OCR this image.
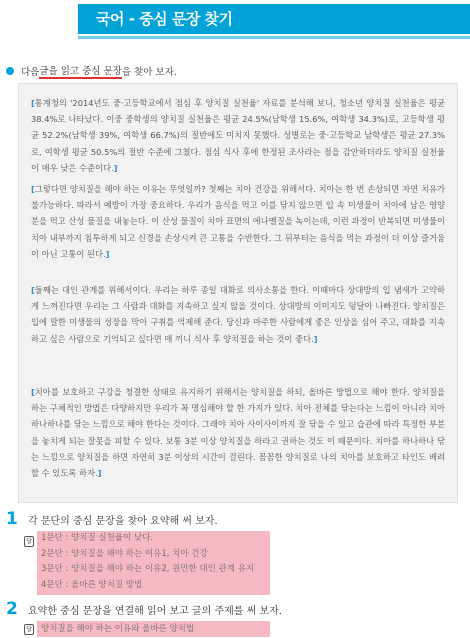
국어 - 중심 문장 찾기
다음 글을 읽고 중심 문장 을 찾아 보자.
[통계청의 '2014년도 중·고등학교에서 점심 후 양치질 실천율' 자료를 분석해 보니, 청소년 양치질 실천율은 평균 38.4%로 나타났다. 이중 중학생의 양치질 실천율은 평균 24.5%(남학생 15.6%, 여학생 34.3%)로, 고등학생 평균 52.2%(남학생 39%, 여학생 66.7%)의 절반에도 미치지 못했다. 성별로는 중·고등학교 남학생은 평균 27.3%로, 여학생 평균 50.5%의 절반 수준에 그쳤다. 점심 식사 후에 한정된 조사라는 점을 감안하더라도 양치질 실천율이 매우 낮은 수준이다.]
[그렇다면 양치질을 해야 하는 이유는 무엇일까? 첫째는 치아 건강을 위해서다. 치아는 한 번 손상되면 자연 치유가 불가능하다. 따라서 예방이 가장 중요하다. 우리가 음식을 먹고 이를 닦지 않으면 입 속 미생물이 치아에 남은 영양분을 먹고 산성 물질을 내놓는다. 이 산성 물질이 치아 표면의 에나멜질을 녹이는데, 이런 과정이 반복되면 미생물이 치아 내부까지 침투하게 되고 신경을 손상시켜 큰 고통을 수반한다. 그 뒤부터는 음식을 먹는 과정이 더 이상 즐거움이 아닌 고통이 된다.]
[둘째는 대인 관계를 위해서이다. 우리는 하루 종일 대화로 의사소통을 한다. 이때마다 상대방의 입 냄새가 고약하게 느껴진다면 우리는 그 사람과 대화를 지속하고 싶지 않을 것이다. 상대방의 이미지도 덩달아 나빠진다. 양치질은 입에 말한 미생물의 성장을 막아 구취를 억제해 준다. 당신과 마주한 사람에게 좋은 인상을 심어 주고, 대화를 지속하고 싶은 사람으로 기억되고 싶다면 매 끼니 식사 후 양치질을 하는 것이 좋다.]
[치아를 보호하고 구강을 청결한 상태로 유지하기 위해서는 양치질을 하되, 올바른 방법으로 해야 한다. 양치질을 하는 구체적인 방법은 다양하지만 우리가 꼭 명심해야 할 한 가지가 있다. 치아 전체를 닦는다는 느낌이 아니라 치아 하나하나를 닦는 느낌으로 해야 한다는 것이다. 그래야 치아 사이사이까지 잘 닦을 수 있고 습관에 따라 특정한 부분을 놓치게 되는 잘못을 피할 수 있다. 보통 3분 이상 양치질을 하라고 권하는 것도 이 때문이다. 치아를 하나하나 닦는 느낌으로 양치질을 하면 자연히 3분 이상의 시간이 걸린다. 꼼꼼한 양치질로 나의 치아를 보호하고 타인도 배려할 수 있도록 하자.]
1	각 문단의 중심 문장을 찾아 요약해 써 보자.
답
1문단 : 양치질 실천율이 낮다.
2문단 : 양치질을 해야 하는 이유1, 치아 건강
3문단 : 양치질을 해야 하는 이유2, 원만한 대인 관계 유지
4문단 : 올바른 양치질 방법
2	요약한 중심 문장을 연결해 읽어 보고 글의 주제를 써 보자.
답
양치질을 해야 하는 이유와 올바른 양치법
